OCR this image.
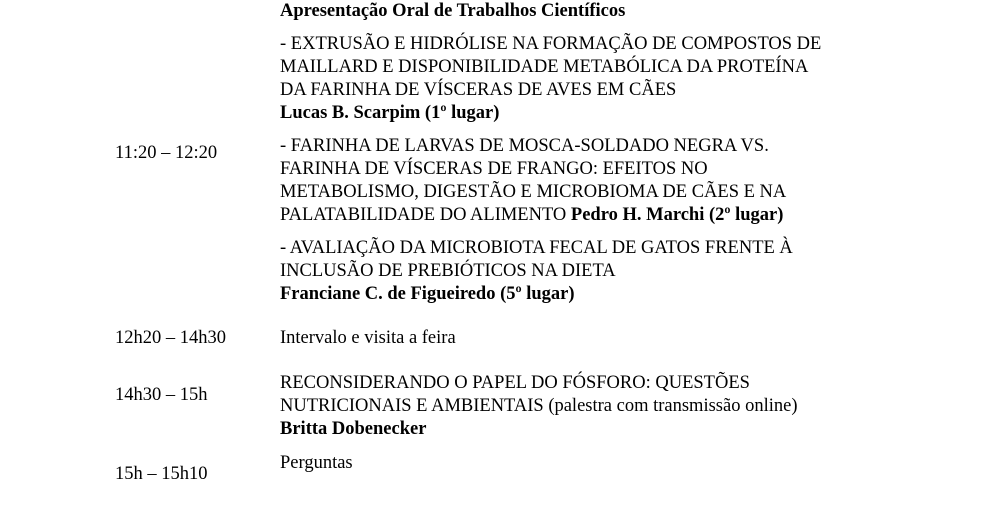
Apresentação Oral de Trabalhos Científicos
- EXTRUSÃO E HIDRÓLISE NA FORMAÇÃO DE COMPOSTOS DE
MAILLARD E DISPONIBILIDADE METABÓLICA DA PROTEÍNA
DA FARINHA DE VÍSCERAS DE AVES EM CÃES
Lucas B. Scarpim (1º lugar)
11:20 – 12:20	- FARINHA DE LARVAS DE MOSCA-SOLDADO NEGRA VS.
FARINHA DE VÍSCERAS DE FRANGO: EFEITOS NO
METABOLISMO, DIGESTÃO E MICROBIOMA DE CÃES E NA
PALATABILIDADE DO ALIMENTO Pedro H. Marchi (2º lugar)
- AVALIAÇÃO DA MICROBIOTA FECAL DE GATOS FRENTE À
INCLUSÃO DE PREBIÓTICOS NA DIETA
Franciane C. de Figueiredo (5º lugar)
12h20 – 14h30	Intervalo e visita a feira
14h30 – 15h
RECONSIDERANDO O PAPEL DO FÓSFORO: QUESTÕES
NUTRICIONAIS E AMBIENTAIS (palestra com transmissão online)
Britta Dobenecker
15h – 15h10
Perguntas
